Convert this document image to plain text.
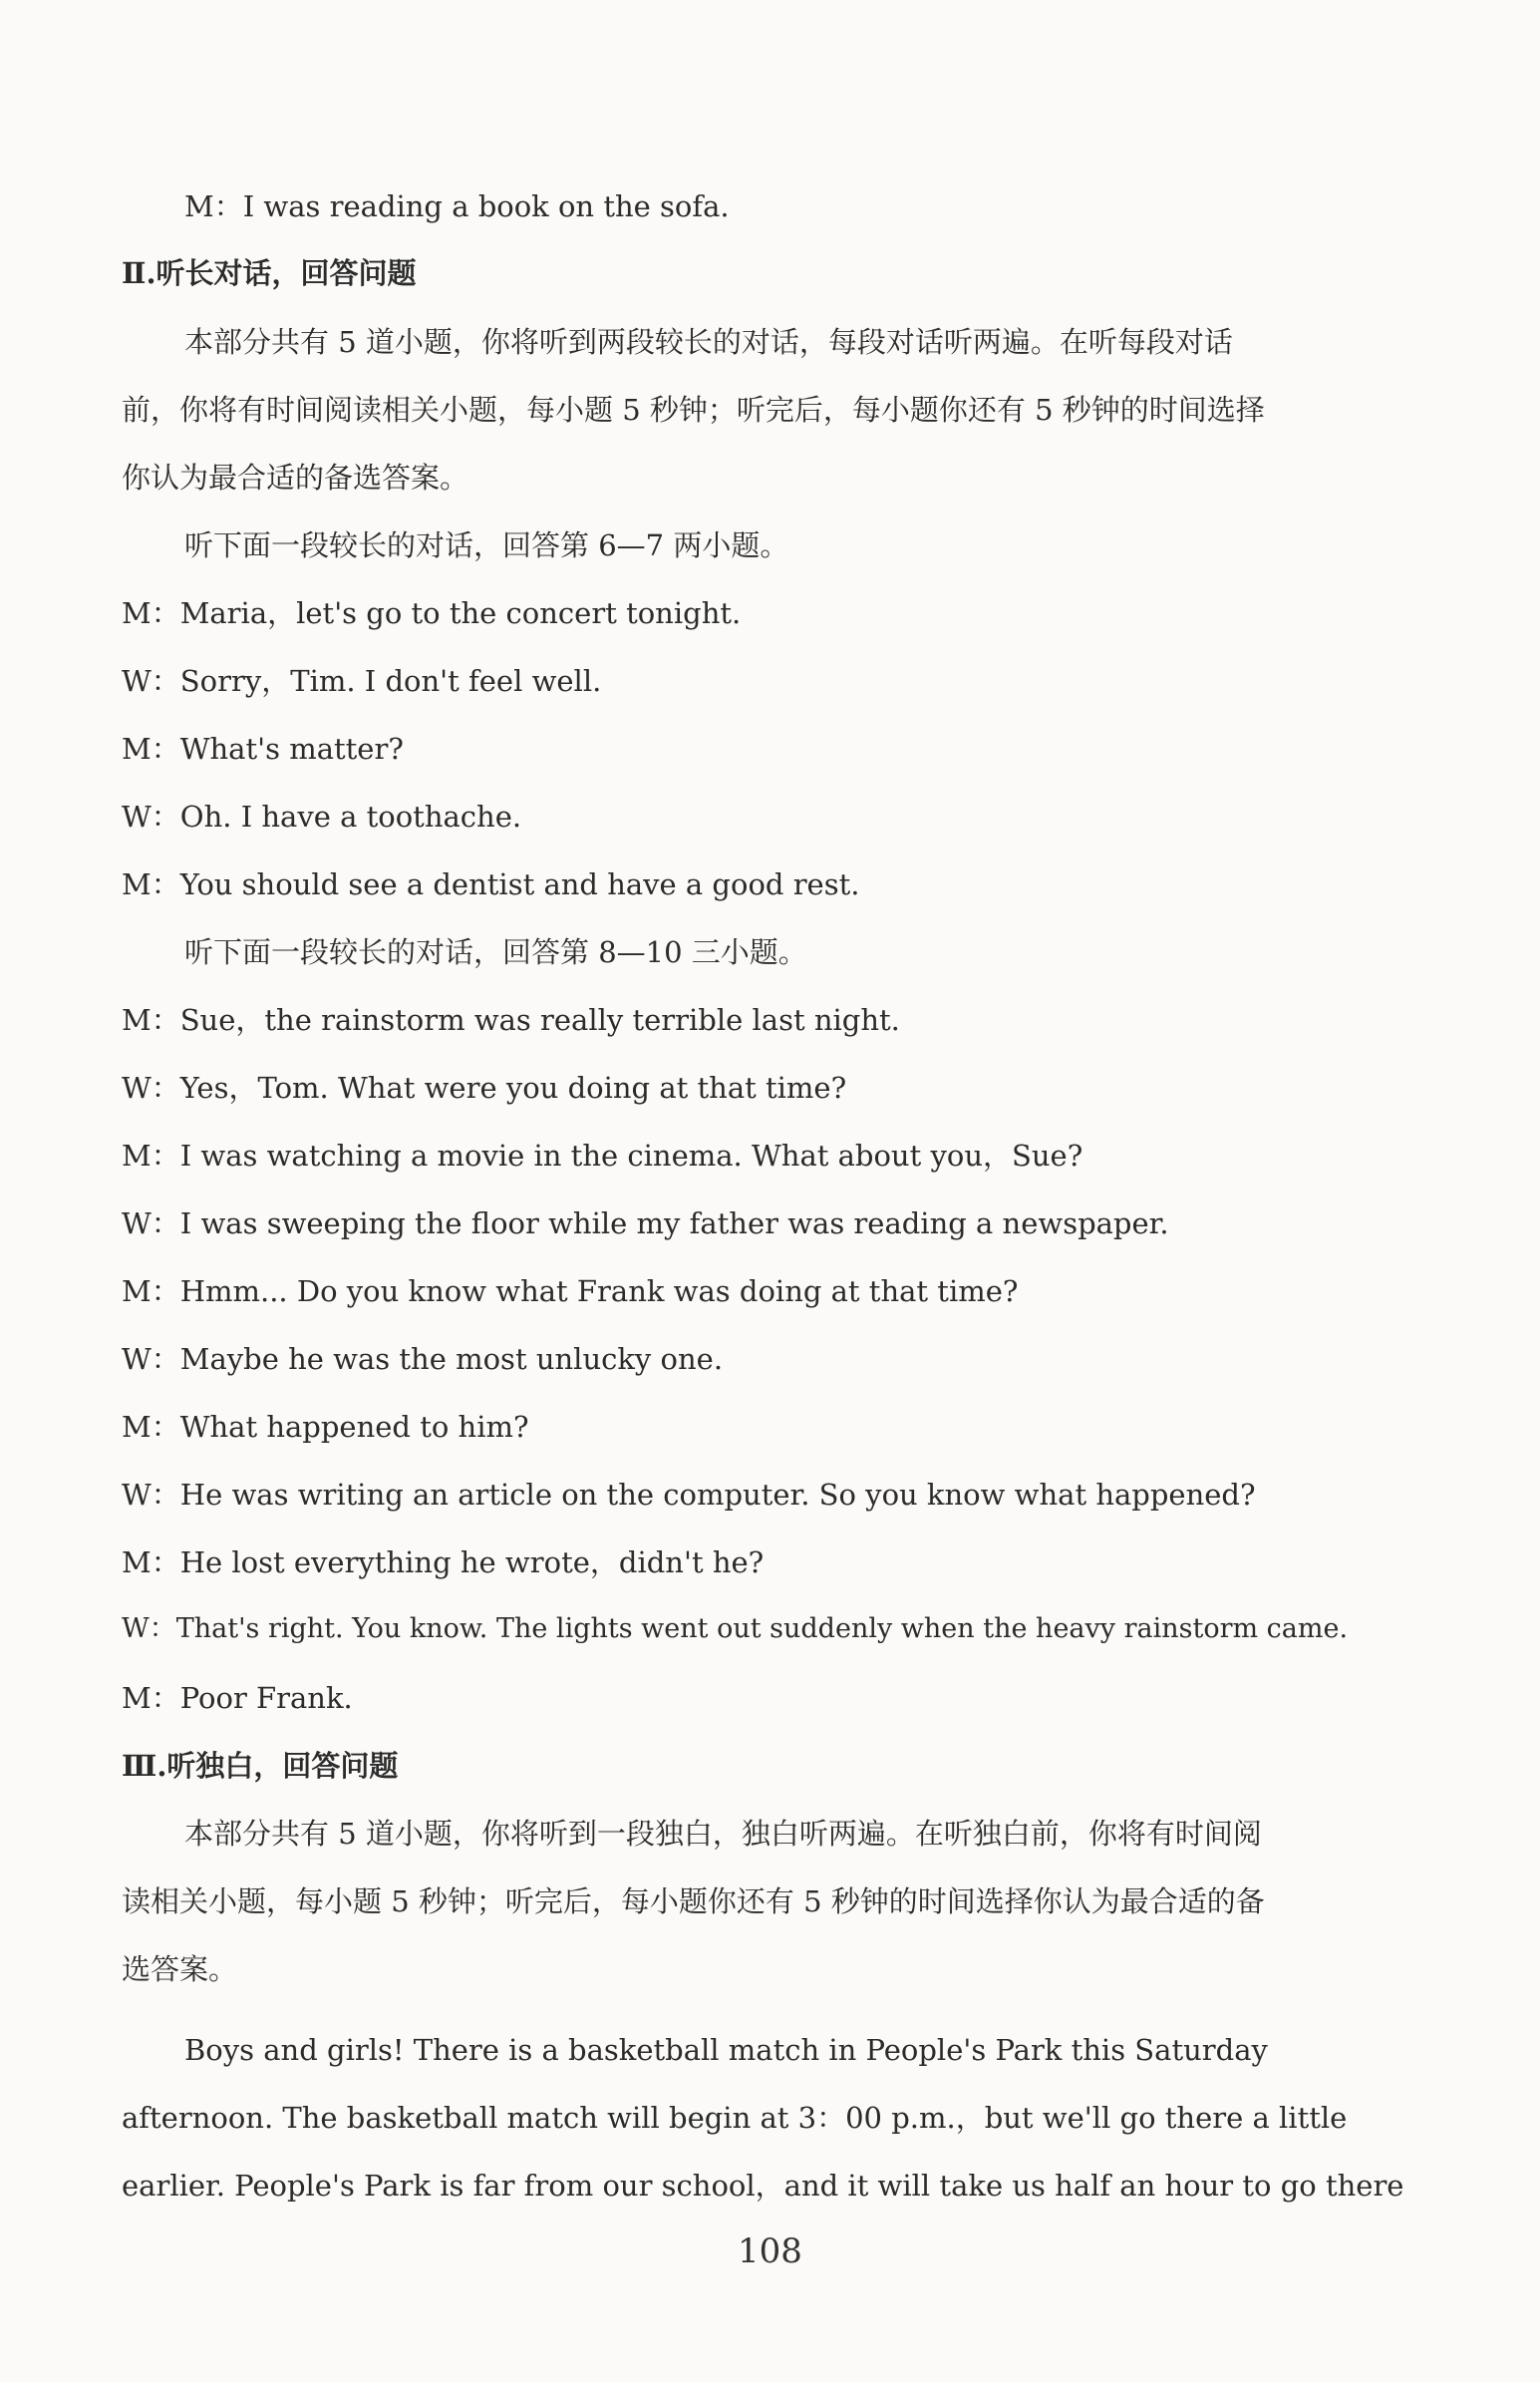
M：I was reading a book on the sofa.
Ⅱ.听长对话，回答问题
本部分共有 5 道小题，你将听到两段较长的对话，每段对话听两遍。在听每段对话
前，你将有时间阅读相关小题，每小题 5 秒钟；听完后，每小题你还有 5 秒钟的时间选择
你认为最合适的备选答案。
听下面一段较长的对话，回答第 6—7 两小题。
M：Maria，let's go to the concert tonight.
W：Sorry，Tim. I don't feel well.
M：What's matter?
W：Oh. I have a toothache.
M：You should see a dentist and have a good rest.
听下面一段较长的对话，回答第 8—10 三小题。
M：Sue，the rainstorm was really terrible last night.
W：Yes，Tom. What were you doing at that time?
M：I was watching a movie in the cinema. What about you，Sue?
W：I was sweeping the floor while my father was reading a newspaper.
M：Hmm... Do you know what Frank was doing at that time?
W：Maybe he was the most unlucky one.
M：What happened to him?
W：He was writing an article on the computer. So you know what happened?
M：He lost everything he wrote，didn't he?
W：That's right. You know. The lights went out suddenly when the heavy rainstorm came.
M：Poor Frank.
Ⅲ.听独白，回答问题
本部分共有 5 道小题，你将听到一段独白，独白听两遍。在听独白前，你将有时间阅
读相关小题，每小题 5 秒钟；听完后，每小题你还有 5 秒钟的时间选择你认为最合适的备
选答案。
Boys and girls! There is a basketball match in People's Park this Saturday
afternoon. The basketball match will begin at 3：00 p.m.，but we'll go there a little
earlier. People's Park is far from our school，and it will take us half an hour to go there
108
